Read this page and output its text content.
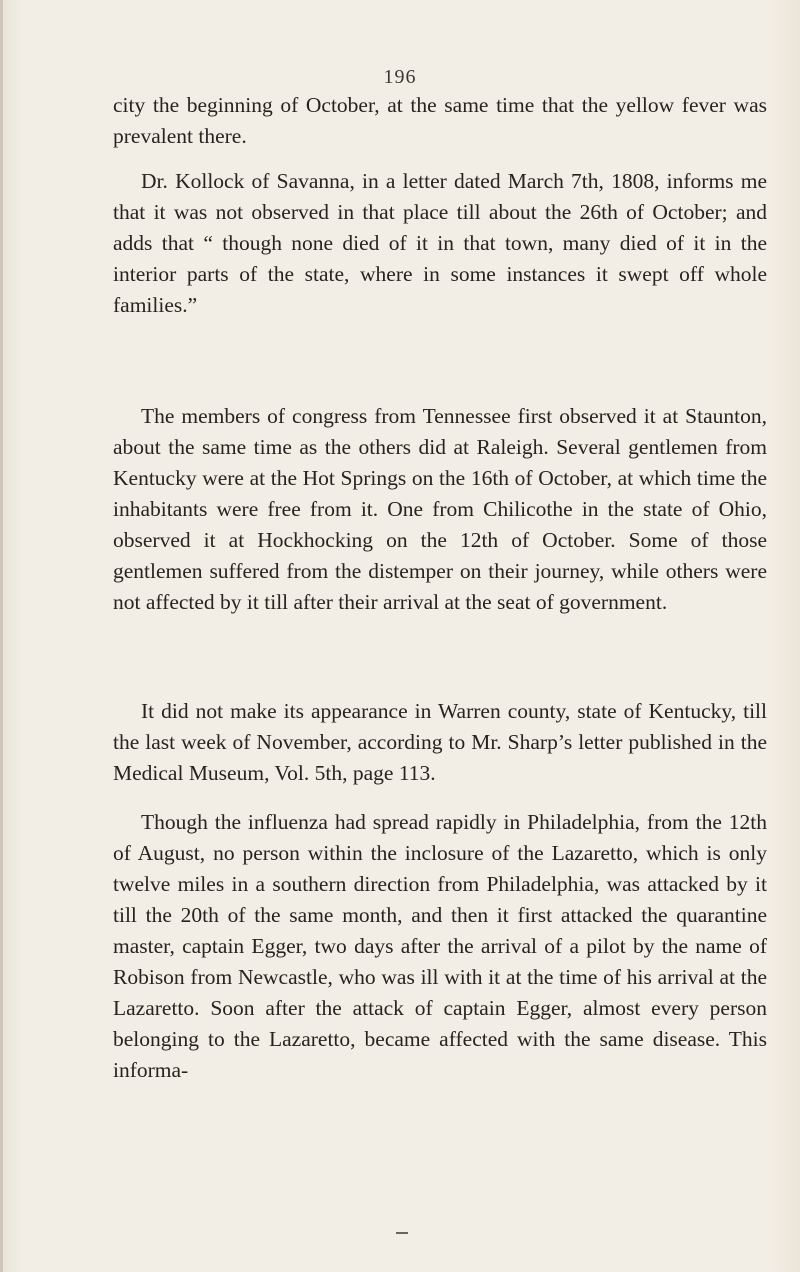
196

city the beginning of October, at the same time that the yellow fever was prevalent there.

Dr. Kollock of Savanna, in a letter dated March 7th, 1808, informs me that it was not observed in that place till about the 26th of October; and adds that “ though none died of it in that town, many died of it in the interior parts of the state, where in some instances it swept off whole families.”

The members of congress from Tennessee first observed it at Staunton, about the same time as the others did at Raleigh. Several gentlemen from Kentucky were at the Hot Springs on the 16th of October, at which time the inhabitants were free from it. One from Chilicothe in the state of Ohio, observed it at Hockhocking on the 12th of October. Some of those gentlemen suffered from the distemper on their journey, while others were not affected by it till after their arrival at the seat of government.

It did not make its appearance in Warren county, state of Kentucky, till the last week of November, according to Mr. Sharp’s letter published in the Medical Museum, Vol. 5th, page 113.

Though the influenza had spread rapidly in Philadelphia, from the 12th of August, no person within the inclosure of the Lazaretto, which is only twelve miles in a southern direction from Philadelphia, was attacked by it till the 20th of the same month, and then it first attacked the quarantine master, captain Egger, two days after the arrival of a pilot by the name of Robison from Newcastle, who was ill with it at the time of his arrival at the Lazaretto. Soon after the attack of captain Egger, almost every person belonging to the Lazaretto, became affected with the same disease. This informa-
